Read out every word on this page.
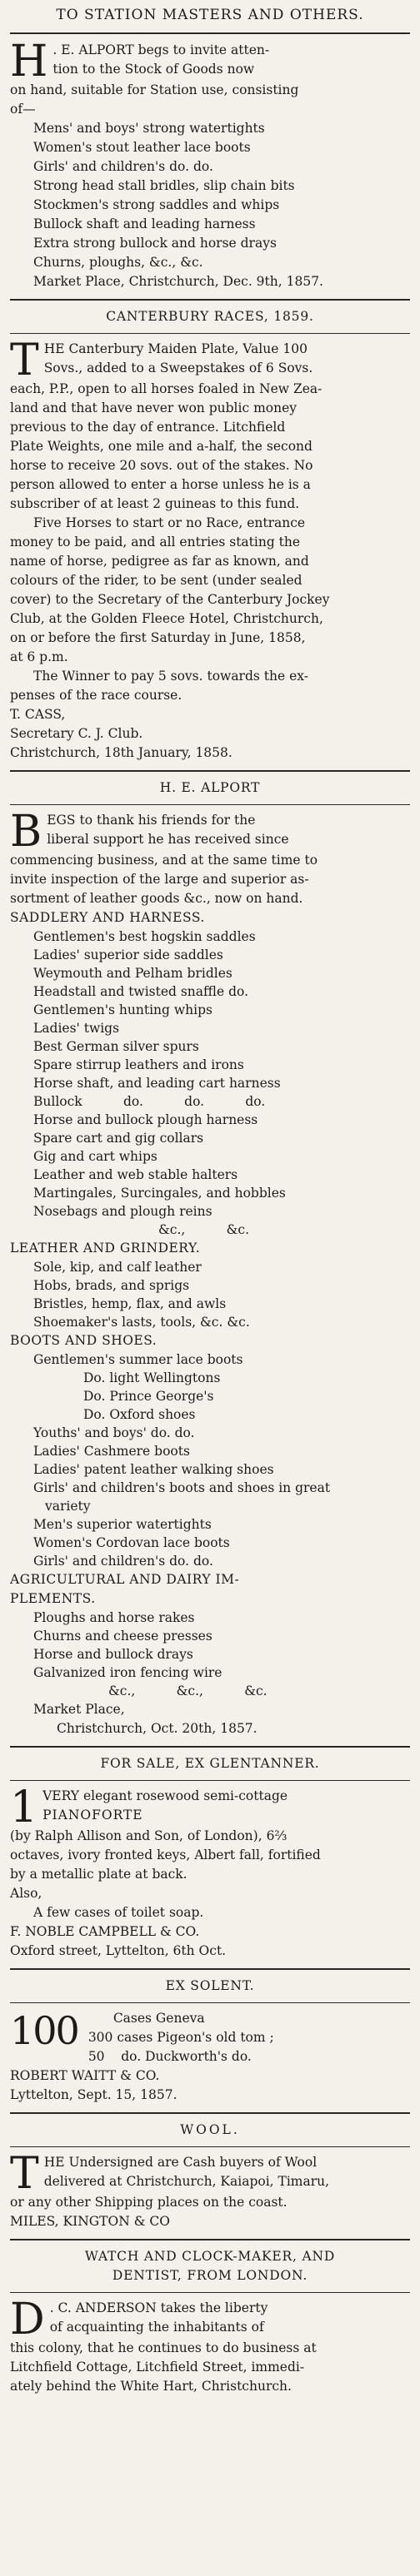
TO STATION MASTERS AND OTHERS.
H . E. ALPORT begs to invite atten-

tion to the Stock of Goods now

on hand, suitable for Station use, consisting

of—

Mens' and boys' strong watertights

Women's stout leather lace boots

Girls' and children's do. do.

Strong head stall bridles, slip chain bits

Stockmen's strong saddles and whips

Bullock shaft and leading harness

Extra strong bullock and horse drays

Churns, ploughs, &c., &c.

Market Place, Christchurch, Dec. 9th, 1857.

CANTERBURY RACES, 1859.
T HE Canterbury Maiden Plate, Value 100

Sovs., added to a Sweepstakes of 6 Sovs.

each, P.P., open to all horses foaled in New Zea-

land and that have never won public money

previous to the day of entrance. Litchfield

Plate Weights, one mile and a-half, the second

horse to receive 20 sovs. out of the stakes. No

person allowed to enter a horse unless he is a

subscriber of at least 2 guineas to this fund.

Five Horses to start or no Race, entrance

money to be paid, and all entries stating the

name of horse, pedigree as far as known, and

colours of the rider, to be sent (under sealed

cover) to the Secretary of the Canterbury Jockey

Club, at the Golden Fleece Hotel, Christchurch,

on or before the first Saturday in June, 1858,

at 6 p.m.

The Winner to pay 5 sovs. towards the ex-

penses of the race course.

T. CASS,

Secretary C. J. Club.

Christchurch, 18th January, 1858.

H. E. ALPORT
B EGS to thank his friends for the

liberal support he has received since

commencing business, and at the same time to

invite inspection of the large and superior as-

sortment of leather goods &c., now on hand.

SADDLERY AND HARNESS.

Gentlemen's best hogskin saddles

Ladies' superior side saddles

Weymouth and Pelham bridles

Headstall and twisted snaffle do.

Gentlemen's hunting whips

Ladies' twigs

Best German silver spurs

Spare stirrup leathers and irons

Horse shaft, and leading cart harness

Bullock          do.          do.          do.

Horse and bullock plough harness

Spare cart and gig collars

Gig and cart whips

Leather and web stable halters

Martingales, Surcingales, and hobbles

Nosebags and plough reins

&c.,          &c.

LEATHER AND GRINDERY.

Sole, kip, and calf leather

Hobs, brads, and sprigs

Bristles, hemp, flax, and awls

Shoemaker's lasts, tools, &c. &c.

BOOTS AND SHOES.

Gentlemen's summer lace boots

Do. light Wellingtons

Do. Prince George's

Do. Oxford shoes

Youths' and boys' do. do.

Ladies' Cashmere boots

Ladies' patent leather walking shoes

Girls' and children's boots and shoes in great

variety

Men's superior watertights

Women's Cordovan lace boots

Girls' and children's do. do.

AGRICULTURAL AND DAIRY IM-

PLEMENTS.

Ploughs and horse rakes

Churns and cheese presses

Horse and bullock drays

Galvanized iron fencing wire

&c.,          &c.,          &c.

Market Place,

Christchurch, Oct. 20th, 1857.

FOR SALE, EX GLENTANNER.
1 VERY elegant rosewood semi-cottage

PIANOFORTE

(by Ralph Allison and Son, of London), 6⅔

octaves, ivory fronted keys, Albert fall, fortified

by a metallic plate at back.

Also,

A few cases of toilet soap.

F. NOBLE CAMPBELL & CO.

Oxford street, Lyttelton, 6th Oct.

EX SOLENT.
100	Cases Geneva

300 cases Pigeon's old tom ;

50    do. Duckworth's do.

ROBERT WAITT & CO.

Lyttelton, Sept. 15, 1857.

WOOL.
T HE Undersigned are Cash buyers of Wool

delivered at Christchurch, Kaiapoi, Timaru,

or any other Shipping places on the coast.

MILES, KINGTON & CO

WATCH AND CLOCK-MAKER, AND
DENTIST, FROM LONDON.
D . C. ANDERSON takes the liberty

of acquainting the inhabitants of

this colony, that he continues to do business at

Litchfield Cottage, Litchfield Street, immedi-

ately behind the White Hart, Christchurch.
